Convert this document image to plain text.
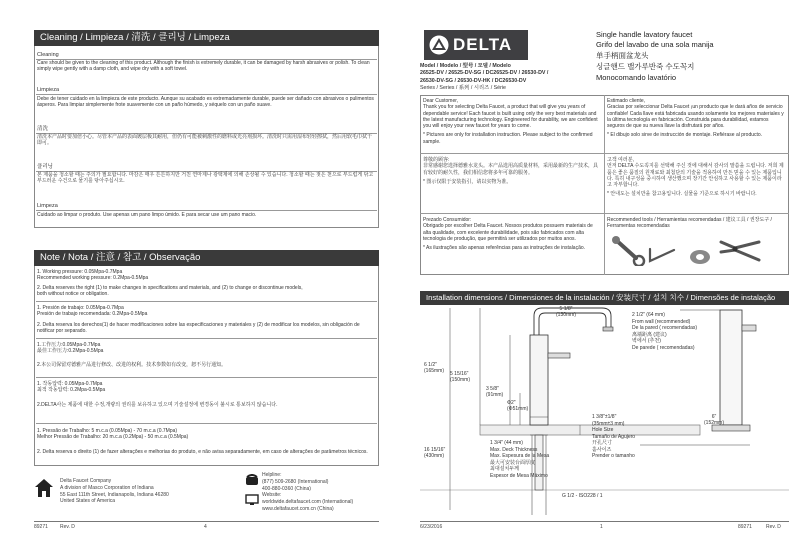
Cleaning / Limpieza / 清洗 / 클리닝 / Limpeza
Cleaning
Care should be given to the cleaning of this product. Although the finish is extremely durable, it can be damaged by harsh abrasives or polish. To clean simply wipe gently with a damp cloth, and wipe dry with a soft towel.
Limpieza
Debe de tener cuidado en la limpieza de este producto. Aunque su acabado es extremadamente durable, puede ser dañado con abrasivos o pulimentos ásperos. Para limpiar simplemente frote suavemente con un paño húmedo, y séquelo con un paño suave.
清洗
清洗本产品时要加倍小心。尽管本产品的表面镀层极其耐用，但仍有可能被刺激性的磨料或光亮剂损坏。清洗时只需用湿布轻轻擦拭，然后用软毛巾拭干即可。
클리닝
본 제품을 청소할 때는 주의가 필요합니다. 마감은 매우 튼튼하지만 거친 연마제나 광택제에 의해 손상될 수 있습니다. 청소할 때는 젖은 천으로 부드럽게 닦고 부드러운 수건으로 물기를 닦아주십시오.
Limpeza
Cuidado ao limpar o produto. Use apenas um pano limpo úmido. E para secar use um pano macio.
Note / Nota / 注意 / 참고 / Observação
1. Working pressure: 0.05Mpa-0.7Mpa
Recommended working pressure: 0.2Mpa-0.5Mpa
2. Delta reserves the right (1) to make changes in specifications and materials, and (2) to change or discontinue models,
both without notice or obligation.
1. Presión de trabajo: 0.05Mpa-0.7Mpa
Presión de trabajo recomendada: 0.2Mpa-0.5Mpa
2. Delta reserva los derechos(1) de hacer modificaciones sobre las especificaciones y materiales y (2) de modificar los modelos, sin obligación de
notificar por separado.
1.工作压力:0.05Mpa-0.7Mpa
最佳工作压力:0.2Mpa-0.5Mpa
2.本公司保留对德雅产品进行修改、改进的权利。技术参数如有改变，恕不另行通知。
1. 작동압력: 0.05Mpa-0.7Mpa
최적 작동압력: 0.2Mpa-0.5Mpa
2.DELTA사는 제품에 대한 수정,개량의 권리를 보유하고 있으며 기술설정에 변경동이 불시로 통보하지 않습니다.
1. Pressão de Trabalho: 5 m.c.a (0.05Mpa) - 70 m.c.a (0.7Mpa)
Melhor Pressão de Trabalho: 20 m.c.a (0.2Mpa) - 50 m.c.a (0.5Mpa)
2. Delta reserva o direito (1) de fazer alterações e melhorias do produto, e não avisa separadamente, em caso de alterações de parâmetros técnicos.
Delta Faucet Company
A division of Masco Corporation of Indiana
55 East 111th Street, Indianapolis, Indiana 46280
United States of America
Helpline:
(877) 509-2680 (International)
400-880-0360 (China)
Website:
worldwide.deltafaucet.com (International)
www.deltafaucet.com.cn (China)
89271 Rev. D	4
DELTA
Single handle lavatory faucet
Grifo del lavabo de una sola manija
单手柄面盆龙头
싱글핸드 밸가루반죽 수도꼭지
Monocomando lavatório
Model / Modelo / 型号 / 모델 / Modelo
26525-DV / 26525-DV-SG / DC26525-DV / 26530-DV /
26530-DV-SG / 26530-DV-HK / DC26530-DV
Series / Series / 系列 / 시리즈 / Série
Dear Customer,
Thank you for selecting Delta Faucet, a product that will give you years of dependable service! Each faucet is built using only the very best materials and the latest manufacturing technology. Engineered for durability, we are confident you will enjoy your new faucet for years to come.
* Pictures are only for installation instruction. Please subject to the confirmed sample.
Estimado cliente,
Gracias por seleccionar Delta Faucet ¡un producto que le dará años de servicio confiable! Cada llave está fabricada usando solamente los mejores materiales y la última tecnología en fabricación. Construida para durabilidad, estamos seguros de que su nueva llave la disfrutará por años.
* El dibujo solo sirve de instrucción de montaje. Refiérase al producto.
尊敬的顾客:
非常感谢您选择德雅水龙头。本产品选用高质量材料，采用最新的生产技术，具有较好的耐久性，我们相信您将多年可靠的服务。
* 图示仅限于安装指引，请以实物为准。
고객 여러분,
먼저 DELTA 수도꼭지를 선택해 주신 것에 대해서 감사의 말씀을 드립니다. 저희 제품은 좋은 품질의 원재료와 최첨단의 기술을 적용하여 만든 믿을 수 있는 제품입니다. 특히 내구성을 중시하여 생산했으며 장기간 안심하고 사용할 수 있는 제품이라고 자부합니다.
* 안내도는 설치만을 참고용입니다. 실물을 기준으로 하시기 바랍니다.
Prezado Consumidor:
Obrigado por escolher Delta Faucet. Nossos produtos possuem materiais de alta qualidade, com excelente durabilidade, pois são fabricados com alta tecnologia de produção, que permitirá ser utilizados por muitos anos.
* As ilustrações são apenas referências para as instruções de instalação.
Recommended tools / Herramientas recomendadas / 建议工具 / 권장도구 /
Ferramentas recomendadas
Installation dimensions / Dimensiones de la instalación / 安装尺寸 / 설치 치수 / Dimensões de instalação
5 1/8"
(130mm)
6 1/2"
(165mm) 5 15/16"
(150mm)
3 5/8"
(91mm)
Φ2"
(Φ51mm)
16 15/16"
(430mm)
2 1/2" (64 mm)
From wall (recommended)
De la pared ( recomendadas)
离墙距离 (建议)
벽에서 (추천)
De parede ( recomendadas)
1 3/8"±1/8"
(35mm±3 mm)
Hole Size
Tamaño de Agujero
开孔尺寸
홀사이즈
Prender o tamanho
1 3/4" (44 mm)
Max. Deck Thickness
Max. Espesura de la Mesa
最大可安装台面厚度
최대설치두께
Espesor de Mesa Máximo
6"
(152mm)
G 1/2 - ISO228 / 1
6/23/2016	1	89271	Rev. D
